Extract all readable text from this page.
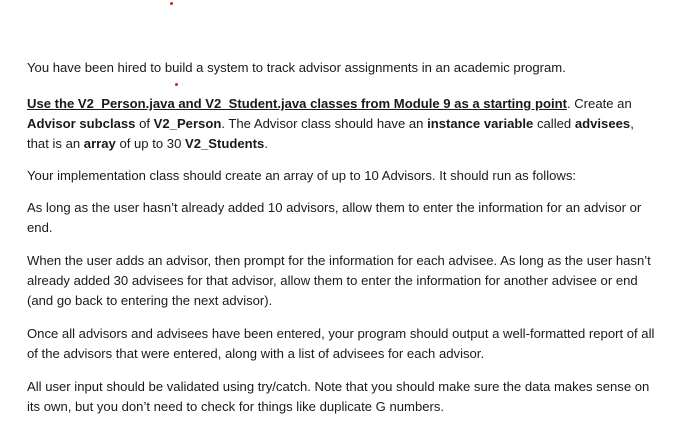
You have been hired to build a system to track advisor assignments in an academic program.

Use the V2_Person.java and V2_Student.java classes from Module 9 as a starting point. Create an Advisor subclass of V2_Person. The Advisor class should have an instance variable called advisees, that is an array of up to 30 V2_Students.

Your implementation class should create an array of up to 10 Advisors. It should run as follows:

As long as the user hasn’t already added 10 advisors, allow them to enter the information for an advisor or end.

When the user adds an advisor, then prompt for the information for each advisee. As long as the user hasn’t already added 30 advisees for that advisor, allow them to enter the information for another advisee or end (and go back to entering the next advisor).

Once all advisors and advisees have been entered, your program should output a well-formatted report of all of the advisors that were entered, along with a list of advisees for each advisor.

All user input should be validated using try/catch. Note that you should make sure the data makes sense on its own, but you don’t need to check for things like duplicate G numbers.
